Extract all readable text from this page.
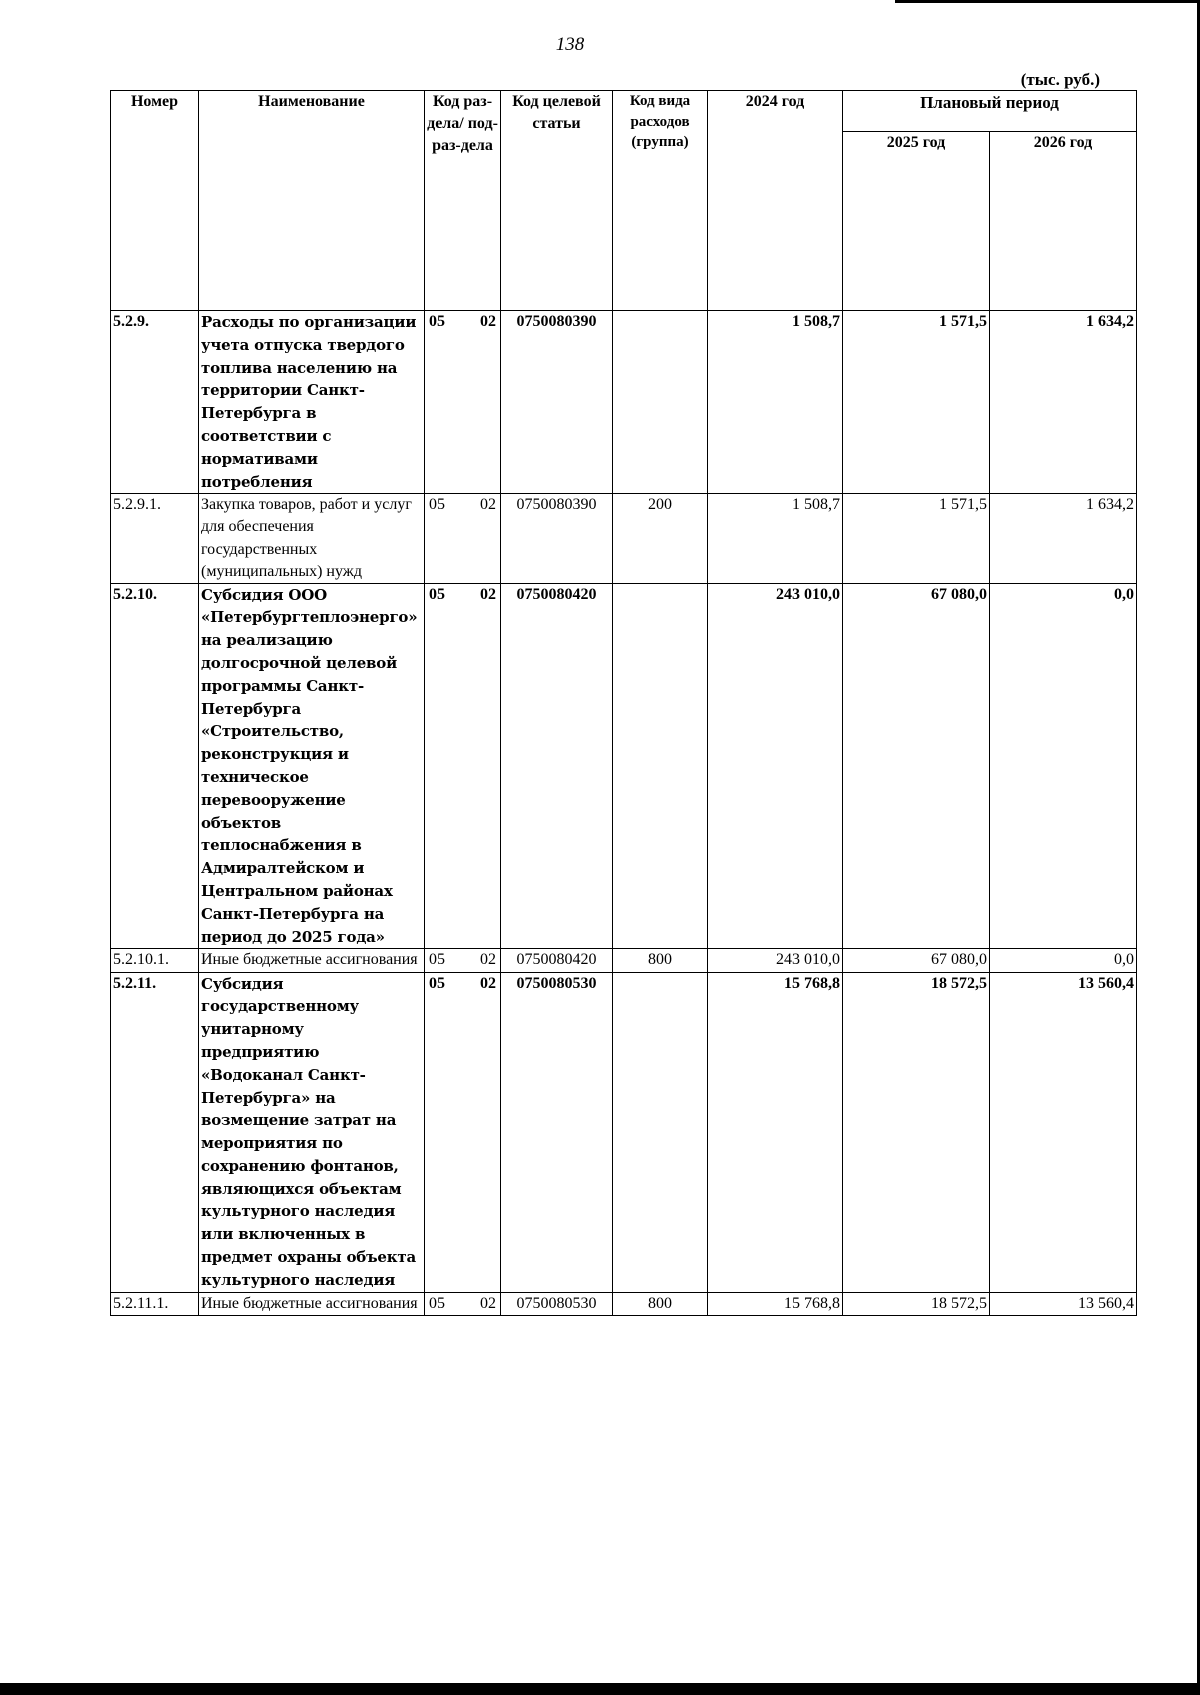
138
(тыс. руб.)
Номер	Наименование	Код раз-дела/ под-раз-дела	Код целевой статьи	Код вида расходов (группа)	2024 год	Плановый период	
						2025 год	2026 год
5.2.9.	Расходы по организации учета отпуска твердого топлива населению на территории Санкт-Петербурга в соответствии с нормативами потребления	05 02	0750080390		1 508,7	1 571,5	1 634,2
5.2.9.1.	Закупка товаров, работ и услуг для обеспечения государственных (муниципальных) нужд	05 02	0750080390	200	1 508,7	1 571,5	1 634,2
5.2.10.	Субсидия ООО «Петербургтеплоэнерго» на реализацию долгосрочной целевой программы Санкт-Петербурга «Строительство, реконструкция и техническое перевооружение объектов теплоснабжения в Адмиралтейском и Центральном районах Санкт-Петербурга на период до 2025 года»	05 02	0750080420		243 010,0	67 080,0	0,0
5.2.10.1.	Иные бюджетные ассигнования	05 02	0750080420	800	243 010,0	67 080,0	0,0
5.2.11.	Субсидия государственному унитарному предприятию «Водоканал Санкт-Петербурга» на возмещение затрат на мероприятия по сохранению фонтанов, являющихся объектам культурного наследия или включенных в предмет охраны объекта культурного наследия	05 02	0750080530		15 768,8	18 572,5	13 560,4
5.2.11.1.	Иные бюджетные ассигнования	05 02	0750080530	800	15 768,8	18 572,5	13 560,4
